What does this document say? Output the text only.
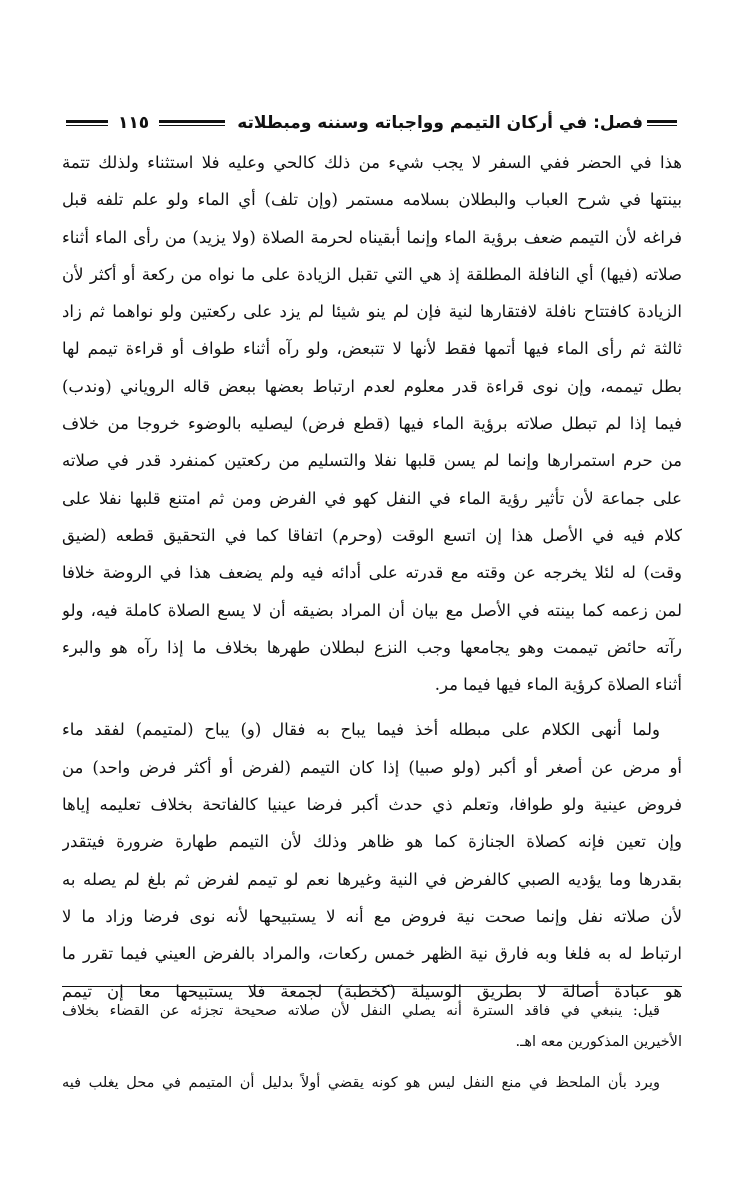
فصل: في أركان التيمم وواجباته وسننه ومبطلاته
١١٥
هذا في الحضر ففي السفر لا يجب شيء من ذلك كالحي وعليه فلا استثناء ولذلك تتمة
بينتها في شرح العباب والبطلان بسلامه مستمر (وإن تلف) أي الماء ولو علم تلفه قبل
فراغه لأن التيمم ضعف برؤية الماء وإنما أبقيناه لحرمة الصلاة (ولا يزيد) من رأى الماء أثناء
صلاته (فيها) أي النافلة المطلقة إذ هي التي تقبل الزيادة على ما نواه من ركعة أو أكثر لأن
الزيادة كافتتاح نافلة لافتقارها لنية فإن لم ينو شيئا لم يزد على ركعتين ولو نواهما ثم زاد
ثالثة ثم رأى الماء فيها أتمها فقط لأنها لا تتبعض، ولو رآه أثناء طواف أو قراءة تيمم لها
بطل تيممه، وإن نوى قراءة قدر معلوم لعدم ارتباط بعضها ببعض قاله الروياني (وندب)
فيما إذا لم تبطل صلاته برؤية الماء فيها (قطع فرض) ليصليه بالوضوء خروجا من خلاف
من حرم استمرارها وإنما لم يسن قلبها نفلا والتسليم من ركعتين كمنفرد قدر في صلاته
على جماعة لأن تأثير رؤية الماء في النفل كهو في الفرض ومن ثم امتنع قلبها نفلا على
كلام فيه في الأصل هذا إن اتسع الوقت (وحرم) اتفاقا كما في التحقيق قطعه (لضيق
وقت) له لئلا يخرجه عن وقته مع قدرته على أدائه فيه ولم يضعف هذا في الروضة خلافا
لمن زعمه كما بينته في الأصل مع بيان أن المراد بضيقه أن لا يسع الصلاة كاملة فيه، ولو
رآته حائض تيممت وهو يجامعها وجب النزع لبطلان طهرها بخلاف ما إذا رآه هو والبرء
أثناء الصلاة كرؤية الماء فيها فيما مر.
ولما أنهى الكلام على مبطله أخذ فيما يباح به فقال (و) يباح (لمتيمم) لفقد ماء
أو مرض عن أصغر أو أكبر (ولو صبيا) إذا كان التيمم (لفرض أو أكثر فرض واحد) من
فروض عينية ولو طوافا، وتعلم ذي حدث أكبر فرضا عينيا كالفاتحة بخلاف تعليمه إياها
وإن تعين فإنه كصلاة الجنازة كما هو ظاهر وذلك لأن التيمم طهارة ضرورة فيتقدر
بقدرها وما يؤديه الصبي كالفرض في النية وغيرها نعم لو تيمم لفرض ثم بلغ لم يصله به
لأن صلاته نفل وإنما صحت نية فروض مع أنه لا يستبيحها لأنه نوى فرضا وزاد ما لا
ارتباط له به فلغا وبه فارق نية الظهر خمس ركعات، والمراد بالفرض العيني فيما تقرر ما
هو عبادة أصالة لا بطريق الوسيلة (كخطبة) لجمعة فلا يستبيحها معا إن تيمم
قيل: ينبغي في فاقد السترة أنه يصلي النفل لأن صلاته صحيحة تجزئه عن القضاء بخلاف
الأخيرين المذكورين معه اهـ.
ويرد بأن الملحظ في منع النفل ليس هو كونه يقضي أولاً بدليل أن المتيمم في محل يغلب فيه
